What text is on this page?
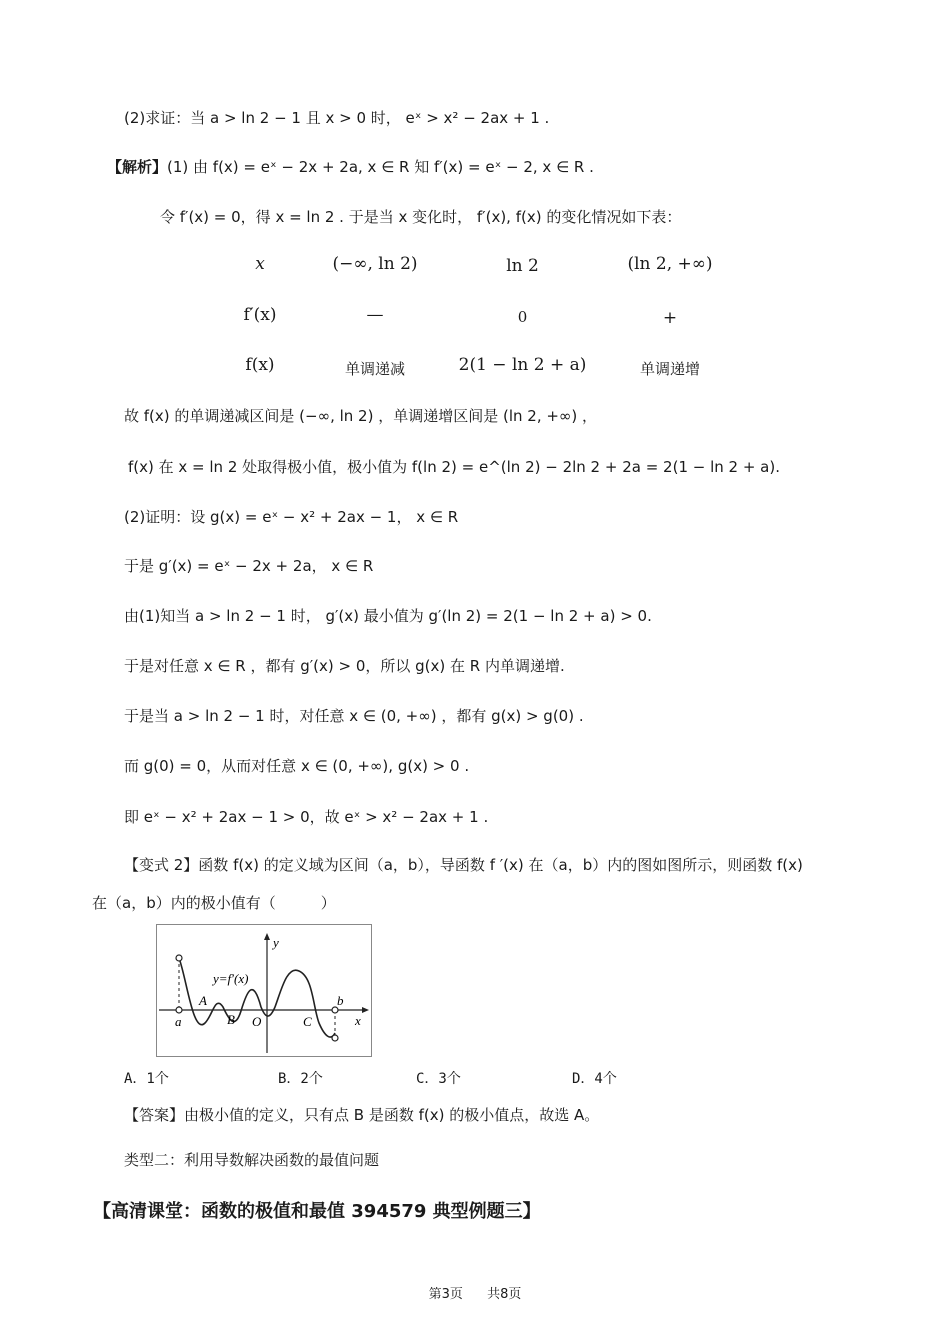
(2)求证：当 a > ln 2 − 1 且 x > 0 时， eˣ > x² − 2ax + 1 .
【解析】(1) 由 f(x) = eˣ − 2x + 2a, x ∈ R 知 f′(x) = eˣ − 2, x ∈ R .
令 f′(x) = 0，得 x = ln 2 . 于是当 x 变化时， f′(x), f(x) 的变化情况如下表：
x	(−∞, ln 2)	ln 2	(ln 2, +∞)
f′(x)	—	0	+
f(x)	单调递减	2(1 − ln 2 + a)	单调递增
故 f(x) 的单调递减区间是 (−∞, ln 2) ，单调递增区间是 (ln 2, +∞) ，
f(x) 在 x = ln 2 处取得极小值，极小值为 f(ln 2) = e^(ln 2) − 2ln 2 + 2a = 2(1 − ln 2 + a).
(2)证明：设 g(x) = eˣ − x² + 2ax − 1， x ∈ R
于是 g′(x) = eˣ − 2x + 2a， x ∈ R
由(1)知当 a > ln 2 − 1 时， g′(x) 最小值为 g′(ln 2) = 2(1 − ln 2 + a) > 0.
于是对任意 x ∈ R ，都有 g′(x) > 0，所以 g(x) 在 R 内单调递增.
于是当 a > ln 2 − 1 时，对任意 x ∈ (0, +∞) ，都有 g(x) > g(0) .
而 g(0) = 0，从而对任意 x ∈ (0, +∞), g(x) > 0 .
即 eˣ − x² + 2ax − 1 > 0，故 eˣ > x² − 2ax + 1 .
【变式 2】函数 f(x) 的定义域为区间（a，b），导函数 f ′(x) 在（a，b）内的图如图所示，则函数 f(x)
在（a，b）内的极小值有（　　　）
y=f′(x)
y
x
O
a
b
A
B	C
A．1个	B．2个	C．3个	D．4个
【答案】由极小值的定义，只有点 B 是函数 f(x) 的极小值点，故选 A。
类型二：利用导数解决函数的最值问题
【高清课堂：函数的极值和最值 394579 典型例题三】
第3页 共8页
